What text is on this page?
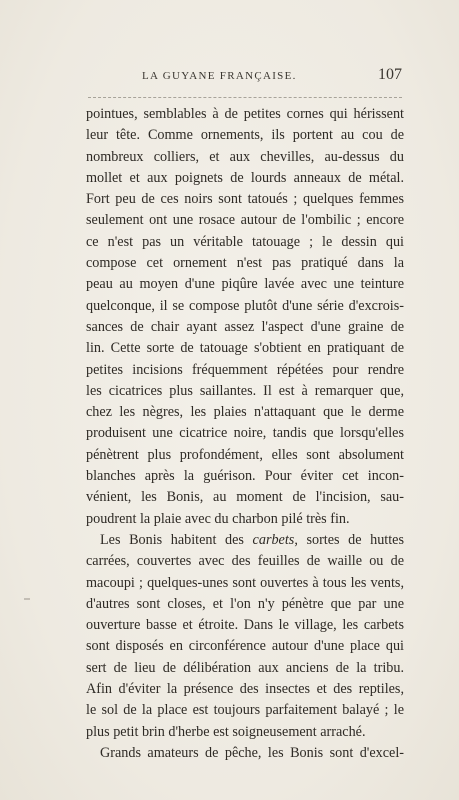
LA GUYANE FRANÇAISE.	107
pointues, semblables à de petites cornes qui hérissent
leur tête. Comme ornements, ils portent au cou de
nombreux colliers, et aux chevilles, au-dessus du
mollet et aux poignets de lourds anneaux de métal.
Fort peu de ces noirs sont tatoués ; quelques femmes
seulement ont une rosace autour de l'ombilic ; encore
ce n'est pas un véritable tatouage ; le dessin qui
compose cet ornement n'est pas pratiqué dans la
peau au moyen d'une piqûre lavée avec une teinture
quelconque, il se compose plutôt d'une série d'excrois-
sances de chair ayant assez l'aspect d'une graine de
lin. Cette sorte de tatouage s'obtient en pratiquant de
petites incisions fréquemment répétées pour rendre
les cicatrices plus saillantes. Il est à remarquer que,
chez les nègres, les plaies n'attaquant que le derme
produisent une cicatrice noire, tandis que lorsqu'elles
pénètrent plus profondément, elles sont absolument
blanches après la guérison. Pour éviter cet incon-
vénient, les Bonis, au moment de l'incision, sau-
poudrent la plaie avec du charbon pilé très fin.
Les Bonis habitent des carbets, sortes de huttes
carrées, couvertes avec des feuilles de waille ou de
macoupi ; quelques-unes sont ouvertes à tous les vents,
d'autres sont closes, et l'on n'y pénètre que par une
ouverture basse et étroite. Dans le village, les carbets
sont disposés en circonférence autour d'une place qui
sert de lieu de délibération aux anciens de la tribu.
Afin d'éviter la présence des insectes et des reptiles,
le sol de la place est toujours parfaitement balayé ; le
plus petit brin d'herbe est soigneusement arraché.
Grands amateurs de pêche, les Bonis sont d'excel-
